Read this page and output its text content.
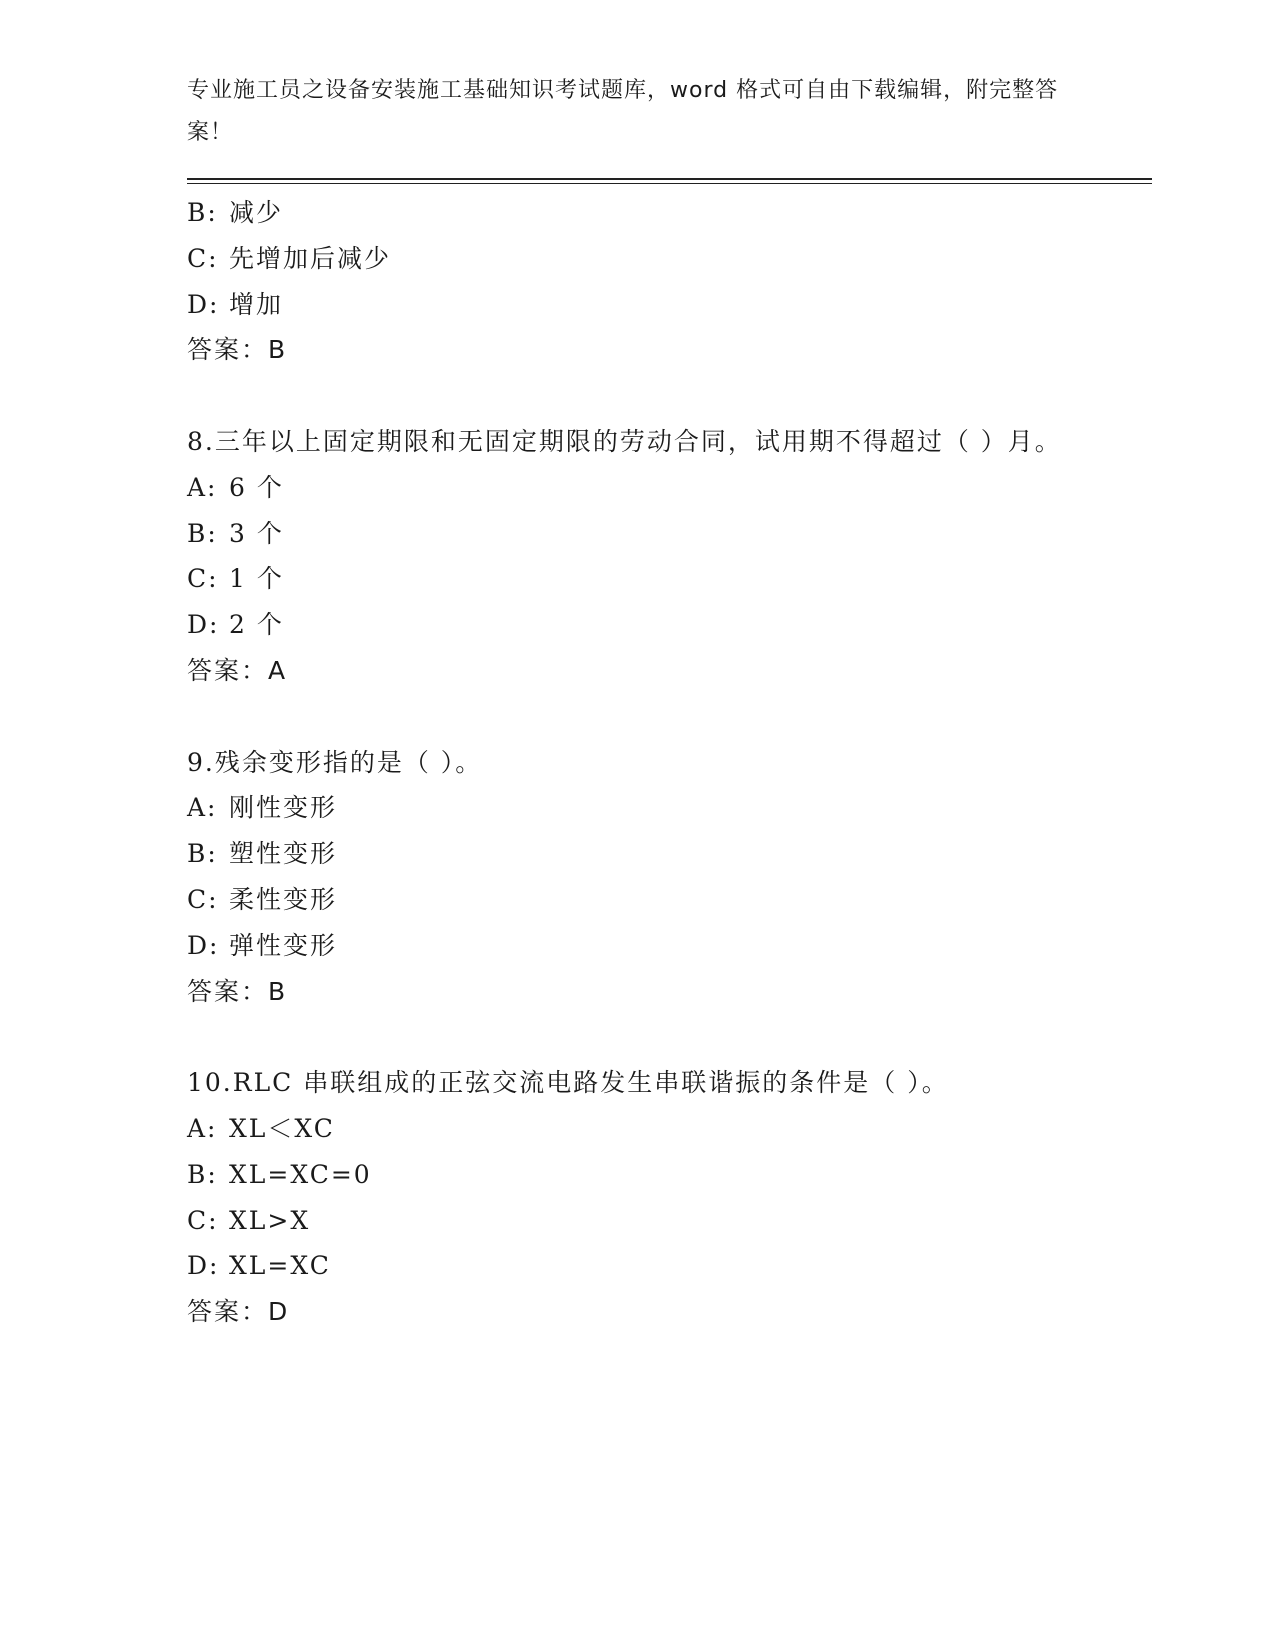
专业施工员之设备安装施工基础知识考试题库，word 格式可自由下载编辑，附完整答案！
B: 减少
C: 先增加后减少
D: 增加
答案：B
8.三年以上固定期限和无固定期限的劳动合同，试用期不得超过（ ）月。
A: 6 个
B: 3 个
C: 1 个
D: 2 个
答案：A
9.残余变形指的是（ ）。
A: 刚性变形
B: 塑性变形
C: 柔性变形
D: 弹性变形
答案：B
10.RLC 串联组成的正弦交流电路发生串联谐振的条件是（ ）。
A: XL＜XC
B: XL=XC=0
C: XL>X
D: XL=XC
答案：D
